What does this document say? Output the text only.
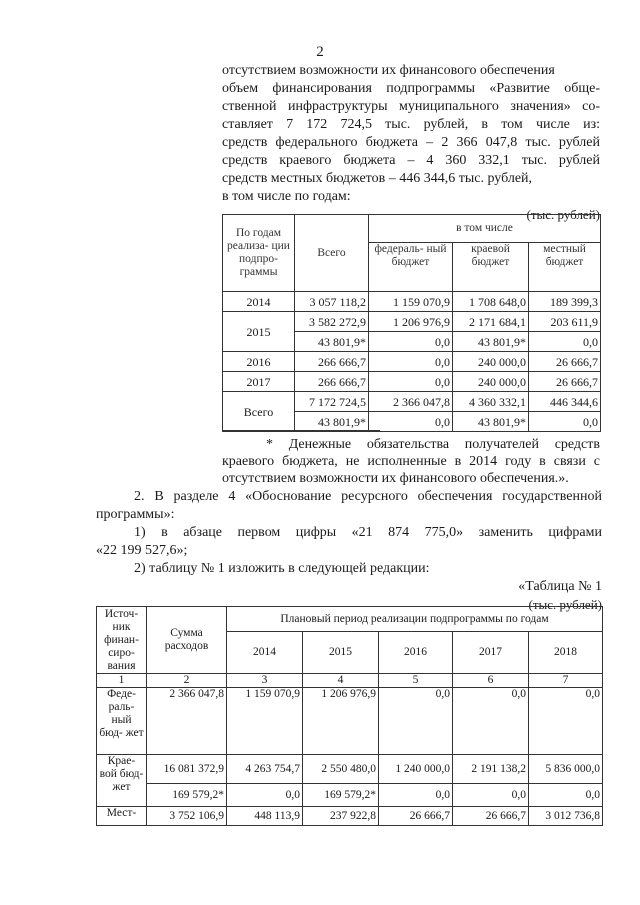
2
отсутствием возможности их финансового обеспечения
объем финансирования подпрограммы «Развитие обще-
ственной инфраструктуры муниципального значения» со-
ставляет 7 172 724,5 тыс. рублей, в том числе из:
средств федерального бюджета – 2 366 047,8 тыс. рублей
средств краевого бюджета – 4 360 332,1 тыс. рублей
средств местных бюджетов – 446 344,6 тыс. рублей,
в том числе по годам:
(тыс. рублей)
По годам реализа- ции подпро- граммы	Всего	в том числе		
		федераль- ный бюджет	краевой бюджет	местный бюджет
2014	3 057 118,2	1 159 070,9	1 708 648,0	189 399,3
2015	3 582 272,9	1 206 976,9	2 171 684,1	203 611,9
	43 801,9*	0,0	43 801,9*	0,0
2016	266 666,7	0,0	240 000,0	26 666,7
2017	266 666,7	0,0	240 000,0	26 666,7
Всего	7 172 724,5	2 366 047,8	4 360 332,1	446 344,6
	43 801,9*	0,0	43 801,9*	0,0
* Денежные обязательства получателей средств
краевого бюджета, не исполненные в 2014 году в связи с
отсутствием возможности их финансового обеспечения.».
2. В разделе 4 «Обоснование ресурсного обеспечения государственной
программы»:
1) в абзаце первом цифры «21 874 775,0» заменить цифрами
«22 199 527,6»;
2) таблицу № 1 изложить в следующей редакции:
«Таблица № 1
(тыс. рублей)
Источ- ник финан- сиро- вания	Сумма расходов	Плановый период реализации подпрограммы по годам				
		2014	2015	2016	2017	2018
1	2	3	4	5	6	7
Феде- раль- ный бюд- жет	2 366 047,8	1 159 070,9	1 206 976,9	0,0	0,0	0,0
Крае- вой бюд- жет	16 081 372,9	4 263 754,7	2 550 480,0	1 240 000,0	2 191 138,2	5 836 000,0
	169 579,2*	0,0	169 579,2*	0,0	0,0	0,0
Мест-	3 752 106,9	448 113,9	237 922,8	26 666,7	26 666,7	3 012 736,8
